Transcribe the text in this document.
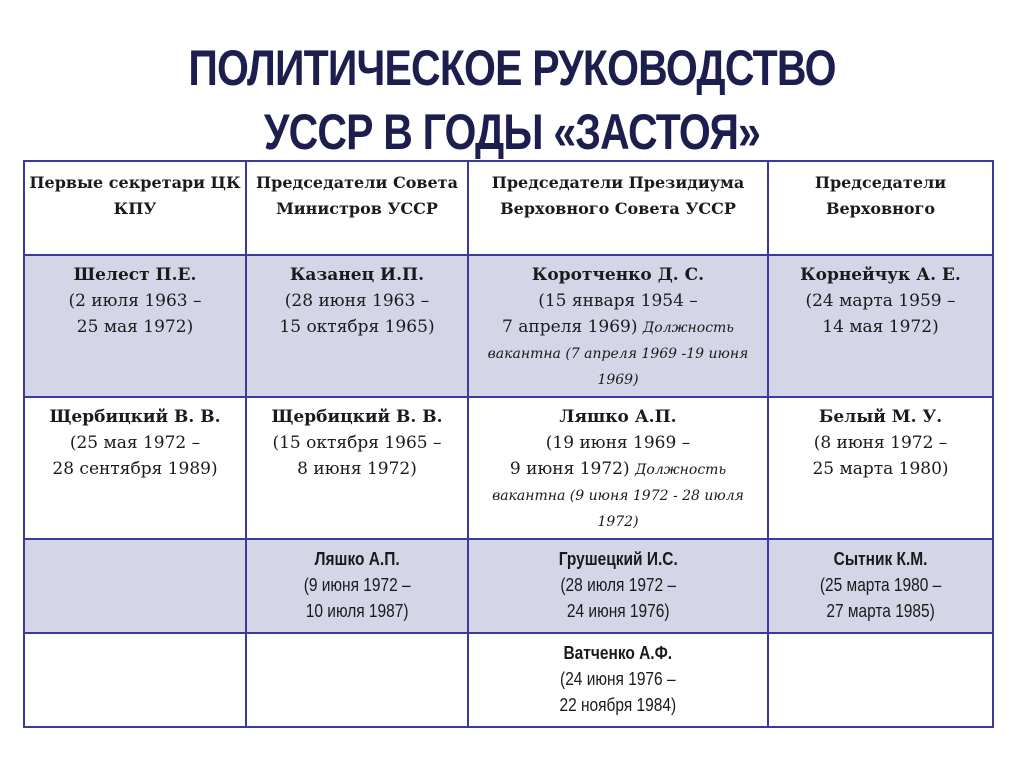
ПОЛИТИЧЕСКОЕ РУКОВОДСТВО
УССР В ГОДЫ «ЗАСТОЯ»
Первые секретари ЦК КПУ	Председатели Совета Министров УССР	Председатели Президиума Верховного Совета УССР	Председатели Верховного

Шелест П.Е.
(2 июля 1963 –
25 мая 1972)	Казанец И.П.
(28 июня 1963 –
15 октября 1965)	Коротченко Д. С.
(15 января 1954 –
7 апреля 1969) Должность вакантна (7 апреля 1969 -19 июня 1969)	Корнейчук А. Е.
(24 марта 1959 –
14 мая 1972)

Щербицкий В. В.
(25 мая 1972 –
28 сентября 1989)	Щербицкий В. В.
(15 октября 1965 –
8 июня 1972)	Ляшко А.П.
(19 июня 1969 –
9 июня 1972) Должность вакантна (9 июня 1972 - 28 июля 1972)	Белый М. У.
(8 июня 1972 –
25 марта 1980)

	Ляшко А.П.
(9 июня 1972 –
10 июля 1987)	Грушецкий И.С.
(28 июля 1972 –
24 июня 1976)	Сытник К.М.
(25 марта 1980 –
27 марта 1985)

		Ватченко А.Ф.
(24 июня 1976 –
22 ноября 1984)	
